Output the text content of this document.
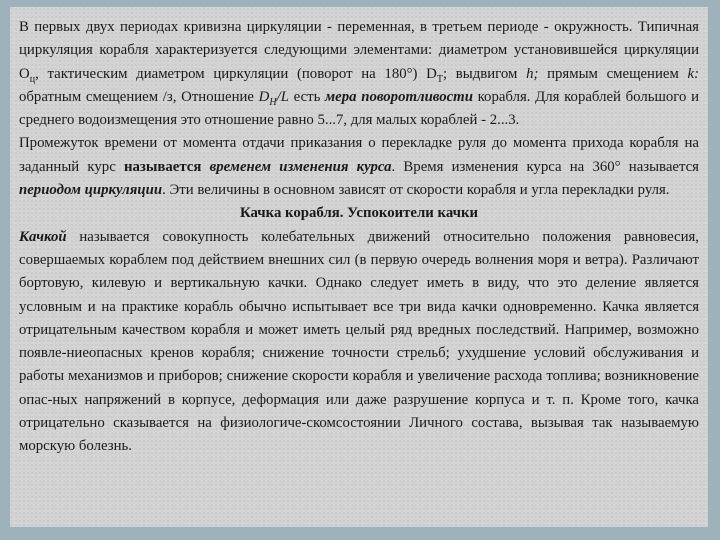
В первых двух периодах кривизна циркуляции - переменная, в третьем периоде - окружность. Типичная циркуляция корабля характеризуется следующими элементами: диаметром установившейся циркуляции $О_ц$, тактическим диаметром циркуляции (поворот на 180°) $D_T$; выдвигом h; прямым смещением k: обратным смещением /з, Отношение $D_H/L$ есть мера поворотливости корабля. Для кораблей большого и среднего водоизмещения это отношение равно 5...7, для малых кораблей - 2...3.

Промежуток времени от момента отдачи приказания о перекладке руля до момента прихода корабля на заданный курс называется временем изменения курса. Время изменения курса на 360° называется периодом циркуляции. Эти величины в основном зависят от скорости корабля и угла перекладки руля.

Качка корабля. Успокоители качки

Качкой называется совокупность колебательных движений относительно положения равновесия, совершаемых кораблем под действием внешних сил (в первую очередь волнения моря и ветра). Различают бортовую, килевую и вертикальную качки. Однако следует иметь в виду, что это деление является условным и на практике корабль обычно испытывает все три вида качки одновременно. Качка является отрицательным качеством корабля и может иметь целый ряд вредных последствий. Например, возможно появле-ниеопасных кренов корабля; снижение точности стрельб; ухудшение условий обслуживания и работы механизмов и приборов; снижение скорости корабля и увеличение расхода топлива; возникновение опас-ных напряжений в корпусе, деформация или даже разрушение корпуса и т. п. Кроме того, качка отрицательно сказывается на физиологиче-скомсостоянии Личного состава, вызывая так называемую морскую болезнь.
